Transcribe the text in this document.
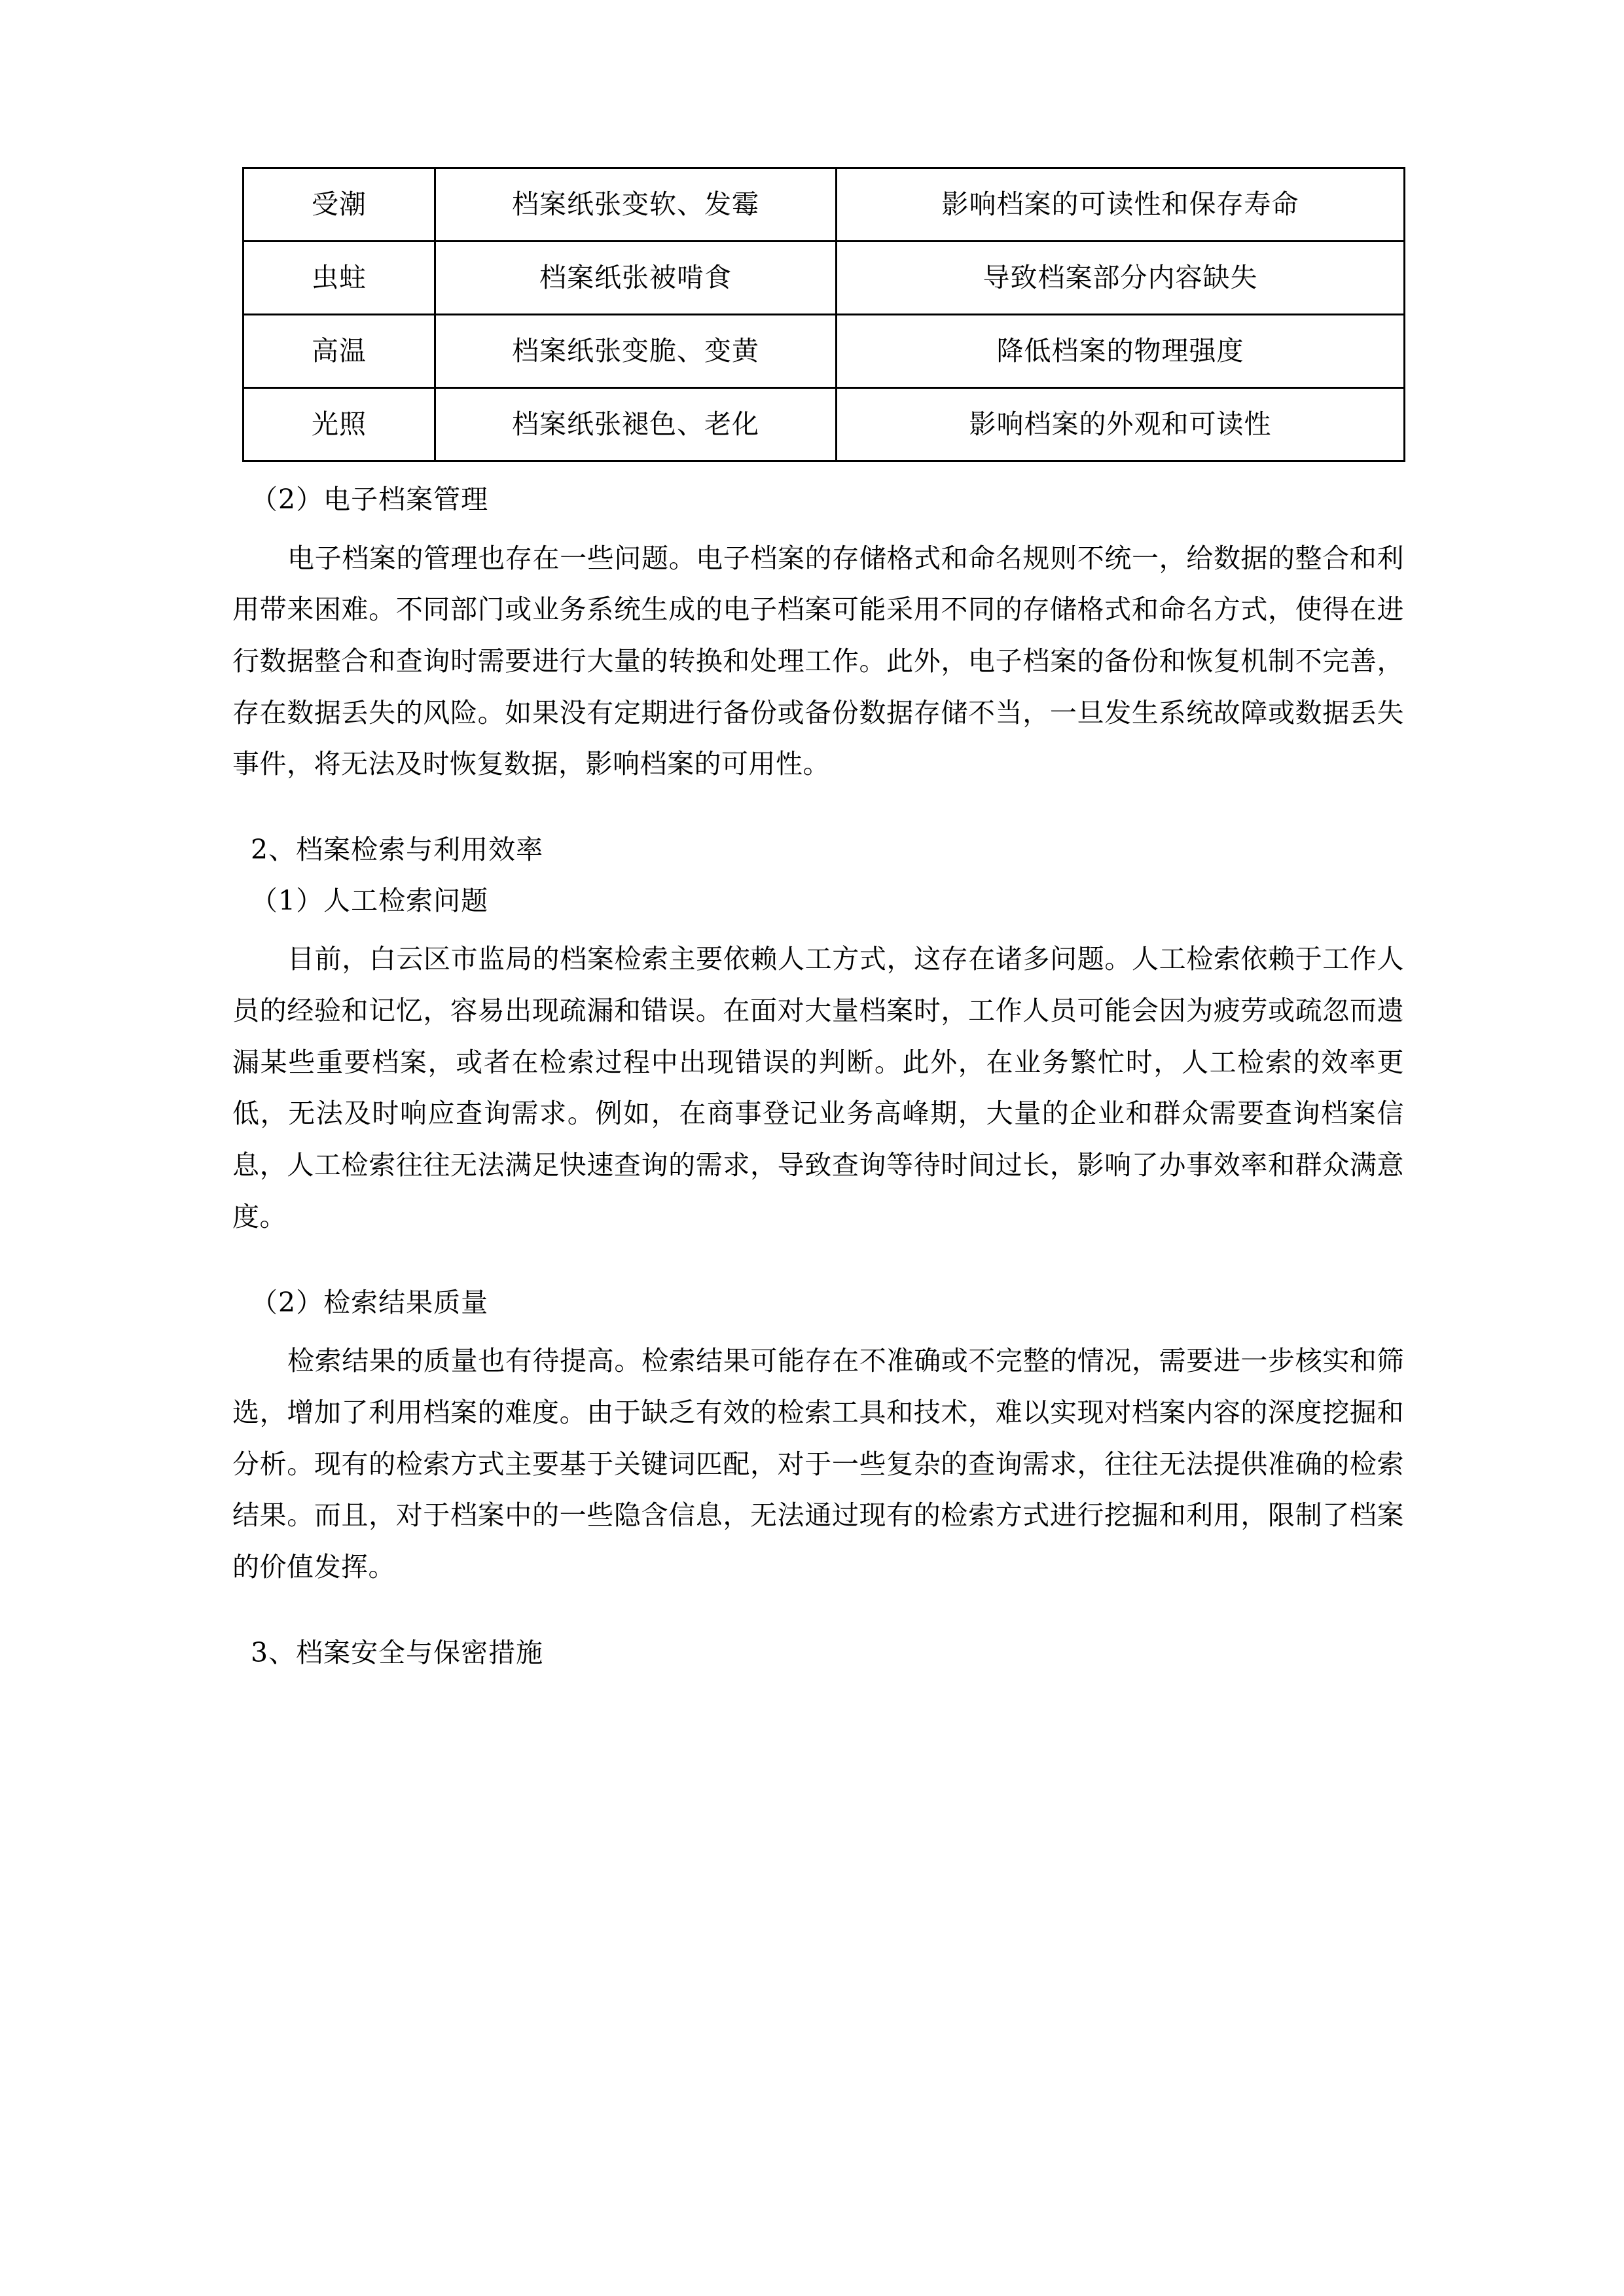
受潮	档案纸张变软、发霉	影响档案的可读性和保存寿命
虫蛀	档案纸张被啃食	导致档案部分内容缺失
高温	档案纸张变脆、变黄	降低档案的物理强度
光照	档案纸张褪色、老化	影响档案的外观和可读性
（2）电子档案管理

电子档案的管理也存在一些问题。电子档案的存储格式和命名规则不统一，给数据的整合和利用带来困难。不同部门或业务系统生成的电子档案可能采用不同的存储格式和命名方式，使得在进行数据整合和查询时需要进行大量的转换和处理工作。此外，电子档案的备份和恢复机制不完善，存在数据丢失的风险。如果没有定期进行备份或备份数据存储不当，一旦发生系统故障或数据丢失事件，将无法及时恢复数据，影响档案的可用性。

2、档案检索与利用效率
（1）人工检索问题

目前，白云区市监局的档案检索主要依赖人工方式，这存在诸多问题。人工检索依赖于工作人员的经验和记忆，容易出现疏漏和错误。在面对大量档案时，工作人员可能会因为疲劳或疏忽而遗漏某些重要档案，或者在检索过程中出现错误的判断。此外，在业务繁忙时，人工检索的效率更低，无法及时响应查询需求。例如，在商事登记业务高峰期，大量的企业和群众需要查询档案信息，人工检索往往无法满足快速查询的需求，导致查询等待时间过长，影响了办事效率和群众满意度。

（2）检索结果质量

检索结果的质量也有待提高。检索结果可能存在不准确或不完整的情况，需要进一步核实和筛选，增加了利用档案的难度。由于缺乏有效的检索工具和技术，难以实现对档案内容的深度挖掘和分析。现有的检索方式主要基于关键词匹配，对于一些复杂的查询需求，往往无法提供准确的检索结果。而且，对于档案中的一些隐含信息，无法通过现有的检索方式进行挖掘和利用，限制了档案的价值发挥。

3、档案安全与保密措施
